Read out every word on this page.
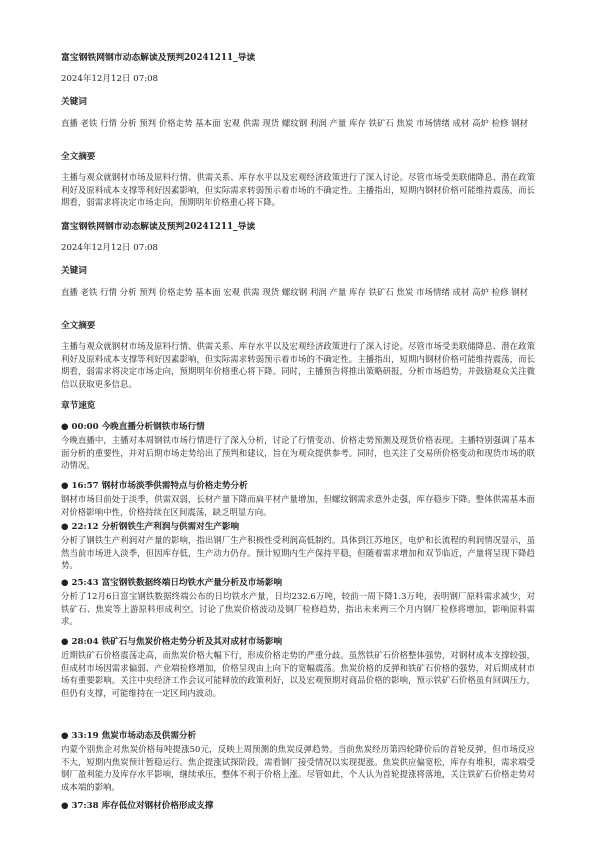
富宝钢铁网钢市动态解读及预判20241211_导读
2024年12月12日 07:08
关键词
直播 老铁 行情 分析 预判 价格走势 基本面 宏观 供需 现货 螺纹钢 利润 产量 库存 铁矿石 焦炭 市场情绪 成材 高炉 检修 钢材
全文摘要
主播与观众就钢材市场及原料行情、供需关系、库存水平以及宏观经济政策进行了深入讨论。尽管市场受美联储降息、潜在政策利好及原料成本支撑等利好因素影响，但实际需求转弱预示着市场的不确定性。主播指出，短期内钢材价格可能维持震荡，而长期看，弱需求将决定市场走向，预期明年价格重心将下降。
富宝钢铁网钢市动态解读及预判20241211_导读
2024年12月12日 07:08
关键词
直播 老铁 行情 分析 预判 价格走势 基本面 宏观 供需 现货 螺纹钢 利润 产量 库存 铁矿石 焦炭 市场情绪 成材 高炉 检修 钢材
全文摘要
主播与观众就钢材市场及原料行情、供需关系、库存水平以及宏观经济政策进行了深入讨论。尽管市场受美联储降息、潜在政策利好及原料成本支撑等利好因素影响，但实际需求转弱预示着市场的不确定性。主播指出，短期内钢材价格可能维持震荡，而长期看，弱需求将决定市场走向，预期明年价格重心将下降。同时，主播预告将推出策略研报，分析市场趋势，并鼓励观众关注微信以获取更多信息。
章节速览
● 00:00 今晚直播分析钢铁市场行情
今晚直播中，主播对本周钢铁市场行情进行了深入分析，讨论了行情变动、价格走势预测及现货价格表现。主播特别强调了基本面分析的重要性，并对后期市场走势给出了预判和建议，旨在为观众提供参考。同时，也关注了交易所价格变动和现货市场的联动情况。
● 16:57 钢材市场淡季供需特点与价格走势分析
钢材市场目前处于淡季，供需双弱，长材产量下降而扁平材产量增加，但螺纹钢需求意外走强，库存稳步下降。整体供需基本面对价格影响中性，价格持续在区间震荡，缺乏明显方向。
● 22:12 分析钢铁生产利润与供需对生产影响
分析了钢铁生产利润对产量的影响，指出钢厂生产积极性受利润高低制约。具体到江苏地区，电炉和长流程的利润情况显示，虽然当前市场进入淡季，但因库存低，生产动力仍存。预计短期内生产保持平稳，但随着需求增加和双节临近，产量将呈现下降趋势。
● 25:43 富宝钢铁数据终端日均铁水产量分析及市场影响
分析了12月6日富宝钢铁数据终端公布的日均铁水产量，日均232.6万吨，较前一周下降1.3万吨，表明钢厂原料需求减少，对铁矿石、焦炭等上游原料形成利空。讨论了焦炭价格波动及钢厂检修趋势，指出未来两三个月内钢厂检修将增加，影响原料需求。
● 28:04 铁矿石与焦炭价格走势分析及其对成材市场影响
近期铁矿石价格震荡走高，而焦炭价格大幅下行，形成价格走势的严重分歧。虽然铁矿石价格整体强势，对钢材成本支撑较强，但成材市场因需求偏弱、产业端检修增加，价格呈现由上向下的宽幅震荡。焦炭价格的反弹和铁矿石价格的强势，对后期成材市场有重要影响。关注中央经济工作会议可能释放的政策利好，以及宏观预期对商品价格的影响，预示铁矿石价格虽有回调压力，但仍有支撑，可能维持在一定区间内波动。
● 33:19 焦炭市场动态及供需分析
内蒙个别焦企对焦炭价格每吨提涨50元，反映上周预测的焦炭反弹趋势。当前焦炭经历第四轮降价后的首轮反弹，但市场反应不大，短期内焦炭预计暂稳运行。焦企提涨试探阶段，需看钢厂接受情况以实现提涨。焦炭供应偏宽松，库存有堆积，需求端受钢厂盈利能力及库存水平影响，继续承压，整体不利于价格上涨。尽管如此，个人认为首轮提涨将落地，关注铁矿石价格走势对成本端的影响。
● 37:38 库存低位对钢材价格形成支撑
